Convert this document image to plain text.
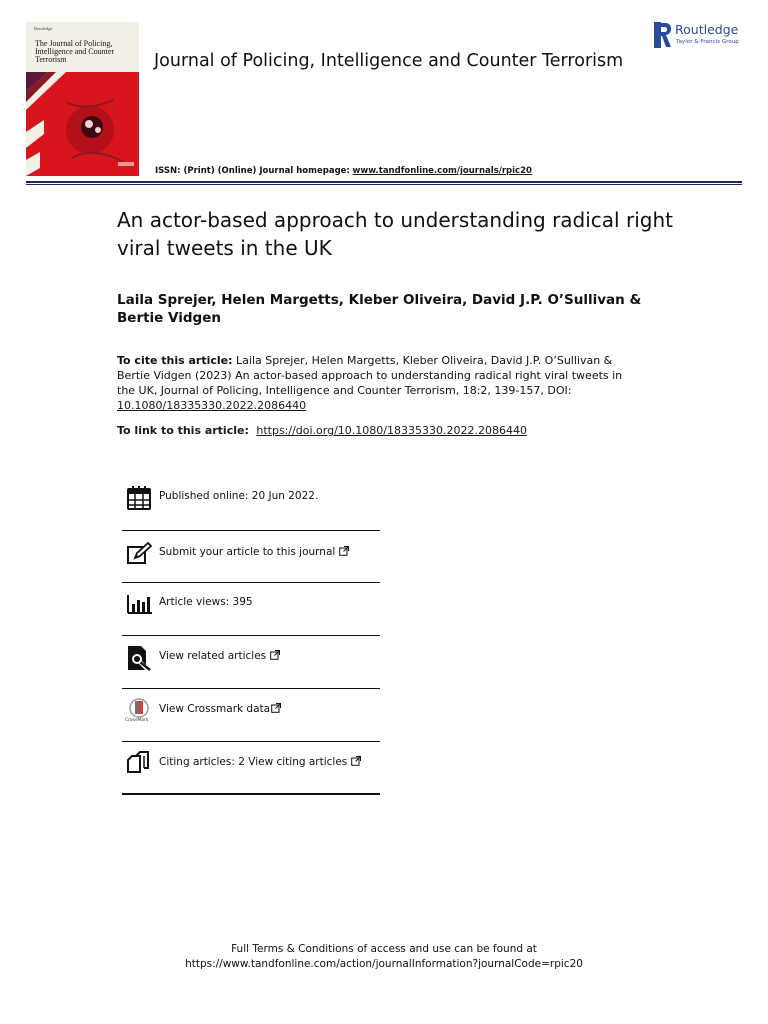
Routledge
The Journal of Policing, Intelligence and Counter Terrorism	Journal of Policing, Intelligence and Counter Terrorism
Routledge
Taylor & Francis Group
ISSN: (Print) (Online) Journal homepage: www.tandfonline.com/journals/rpic20
An actor-based approach to understanding radical right viral tweets in the UK
Laila Sprejer, Helen Margetts, Kleber Oliveira, David J.P. O’Sullivan & Bertie Vidgen
To cite this article: Laila Sprejer, Helen Margetts, Kleber Oliveira, David J.P. O’Sullivan & Bertie Vidgen (2023) An actor-based approach to understanding radical right viral tweets in the UK, Journal of Policing, Intelligence and Counter Terrorism, 18:2, 139-157, DOI:
10.1080/18335330.2022.2086440
To link to this article: https://doi.org/10.1080/18335330.2022.2086440
Published online: 20 Jun 2022.
Submit your article to this journal
Article views: 395
View related articles
CrossMark
View Crossmark data
Citing articles: 2 View citing articles
Full Terms & Conditions of access and use can be found at
https://www.tandfonline.com/action/journalInformation?journalCode=rpic20
